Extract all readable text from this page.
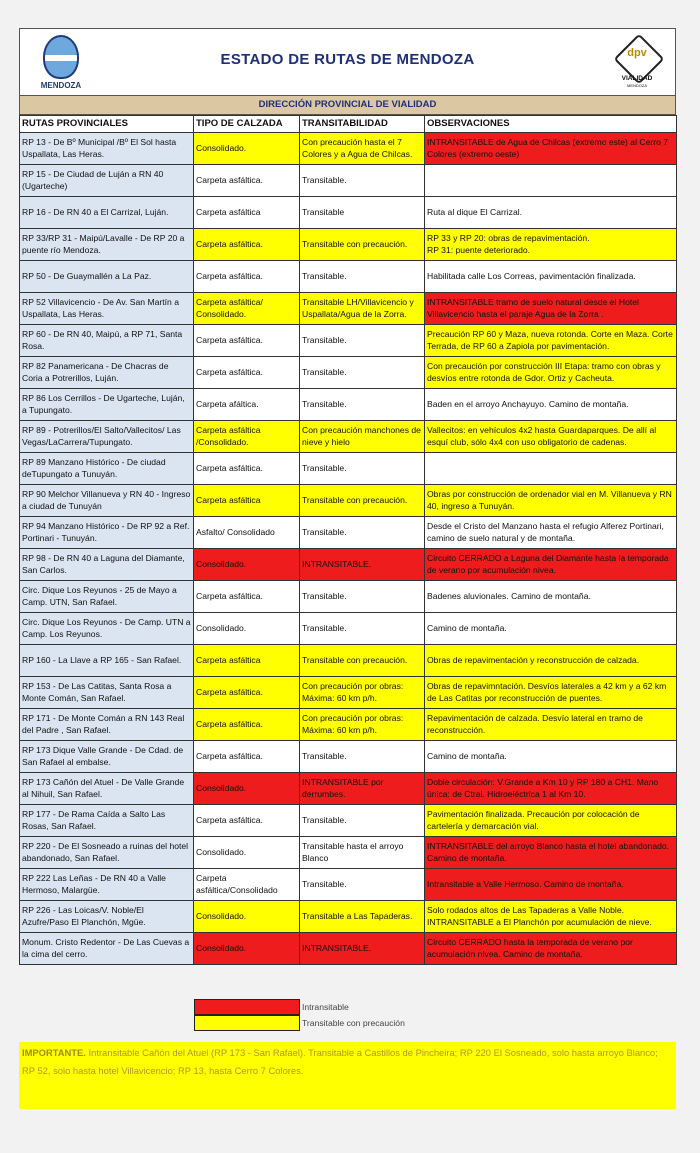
MENDOZA
ESTADO DE RUTAS DE MENDOZA	dpv
VIALIDAD
MENDOZA
DIRECCIÓN PROVINCIAL DE VIALIDAD
RUTAS PROVINCIALES	TIPO DE CALZADA	TRANSITABILIDAD	OBSERVACIONES
RP 13 - De Bº Municipal /Bº El Sol hasta Uspallata, Las Heras.	Consolidado.	Con precaución hasta el 7 Colores y a Agua de Chilcas.	INTRANSITABLE de Agua de Chilcas (extremo este) al Cerro 7 Colores (extremo oeste)
RP 15 - De Ciudad de Luján a RN 40 (Ugarteche)	Carpeta asfáltica.	Transitable.	
RP 16 - De RN 40 a El Carrizal, Luján.	Carpeta asfáltica	Transitable	Ruta al dique El Carrizal.
RP 33/RP 31 - Maipú/Lavalle - De RP 20 a puente río Mendoza.	Carpeta asfáltica.	Transitable con precaución.	RP 33 y RP 20: obras de repavimentación.
RP 31: puente deteriorado.
RP 50 - De Guaymallén a La Paz.	Carpeta asfáltica.	Transitable.	Habilitada calle Los Correas, pavimentación finalizada.
RP 52 Villavicencio - De Av. San Martín a Uspallata, Las Heras.	Carpeta asfáltica/ Consolidado.	Transitable LH/Villavicencio y Uspallata/Agua de la Zorra.	INTRANSITABLE tramo de suelo natural desde el Hotel Villavicencio hasta el paraje Agua de la Zorra .
RP 60 - De RN 40, Maipú, a RP 71, Santa Rosa.	Carpeta asfáltica.	Transitable.	Precaución RP 60 y Maza, nueva rotonda. Corte en Maza. Corte Terrada, de RP 60 a Zapiola por pavimentación.
RP 82 Panamericana - De Chacras de Coria a Potrerillos, Luján.	Carpeta asfáltica.	Transitable.	Con precaución por construcción III Etapa: tramo con obras y desvíos entre rotonda de Gdor. Ortiz y Cacheuta.
RP 86 Los Cerrillos - De Ugarteche, Luján, a Tupungato.	Carpeta afáltica.	Transitable.	Baden en el arroyo Anchayuyo. Camino de montaña.
RP 89 - Potrerillos/El Salto/Vallecitos/ Las Vegas/LaCarrera/Tupungato.	Carpeta asfáltica /Consolidado.	Con precaución manchones de nieve y hielo	Vallecitos: en vehículos 4x2 hasta Guardaparques. De allí al esquí club, sólo 4x4 con uso obligatorio de cadenas.
RP 89 Manzano Histórico - De ciudad deTupungato a Tunuyán.	Carpeta asfáltica.	Transitable.	
RP 90 Melchor Villanueva y RN 40 - Ingreso a ciudad de Tunuyán	Carpeta asfáltica	Transitable con precaución.	Obras por construcción de ordenador vial en M. Villanueva y RN 40, ingreso a Tunuyán.
RP 94 Manzano Histórico - De RP 92 a Ref. Portinari - Tunuyán.	Asfalto/ Consolidado	Transitable.	Desde el Cristo del Manzano hasta el refugio Alferez Portinari, camino de suelo natural y de montaña.
RP 98 - De RN 40 a Laguna del Diamante, San Carlos.	Consolidado.	INTRANSITABLE.	Circuito CERRADO a Laguna del Diamante hasta la temporada de verano por acumulación nivea.
Circ. Dique Los Reyunos - 25 de Mayo a Camp. UTN, San Rafael.	Carpeta asfáltica.	Transitable.	Badenes aluvionales. Camino de montaña.
Circ. Dique Los Reyunos - De Camp. UTN a Camp. Los Reyunos.	Consolidado.	Transitable.	Camino de montaña.
RP 160 - La Llave a RP 165 - San Rafael.	Carpeta asfáltica	Transitable con precaución.	Obras de repavimentación y reconstrucción de calzada.
RP 153 - De Las Catitas, Santa Rosa a Monte Comán, San Rafael.	Carpeta asfáltica.	Con precaución por obras: Máxima: 60 km p/h.	Obras de repavimntación. Desvíos laterales a 42 km y a 62 km de Las Catitas por reconstrucción de puentes.
RP 171 - De Monte Comán a RN 143 Real del Padre , San Rafael.	Carpeta asfáltica.	Con precaución por obras: Máxima: 60 km p/h.	Repavimentación de calzada. Desvío lateral en tramo de reconstrucción.
RP 173 Dique Valle Grande - De Cdad. de San Rafael al embalse.	Carpeta asfáltica.	Transitable.	Camino de montaña.
RP 173 Cañón del Atuel - De Valle Grande al Nihuil, San Rafael.	Consolidado.	INTRANSITABLE por derrumbes.	Doble circulación: V.Grande a Km 10 y RP 180 a CH1. Mano única: de Ctral. Hidroeléctrica 1 al Km 10.
RP 177 - De Rama Caída a Salto Las Rosas, San Rafael.	Carpeta asfáltica.	Transitable.	Pavimentación finalizada. Precaución por colocación de cartelería y demarcación vial.
RP 220 - De El Sosneado a ruinas del hotel abandonado, San Rafael.	Consolidado.	Transitable hasta el arroyo Blanco	INTRANSITABLE del arroyo Blanco hasta el hotel abandonado. Camino de montaña.
RP 222 Las Leñas - De RN 40 a Valle Hermoso, Malargüe.	Carpeta asfáltica/Consolidado	Transitable.	Intransitable a Valle Hermoso. Camino de montaña.
RP 226 - Las Loicas/V. Noble/El Azufre/Paso El Planchón, Mgüe.	Consolidado.	Transitable a Las Tapaderas.	Solo rodados altos de Las Tapaderas a Valle Noble. INTRANSITABLE a El Planchón por acumulación de nieve.
Monum. Cristo Redentor - De Las Cuevas a la cima del cerro.	Consolidado.	INTRANSITABLE.	Circuito CERRADO hasta la temporada de verano por acumulación nivea. Camino de montaña.
Intransitable
Transitable con precaución
IMPORTANTE. Intransitable Cañón del Atuel (RP 173 - San Rafael). Transitable a Castillos de Pincheira; RP 220 El Sosneado, solo hasta arroyo Blanco; RP 52, solo hasta hotel Villavicencio; RP 13, hasta Cerro 7 Colores.
